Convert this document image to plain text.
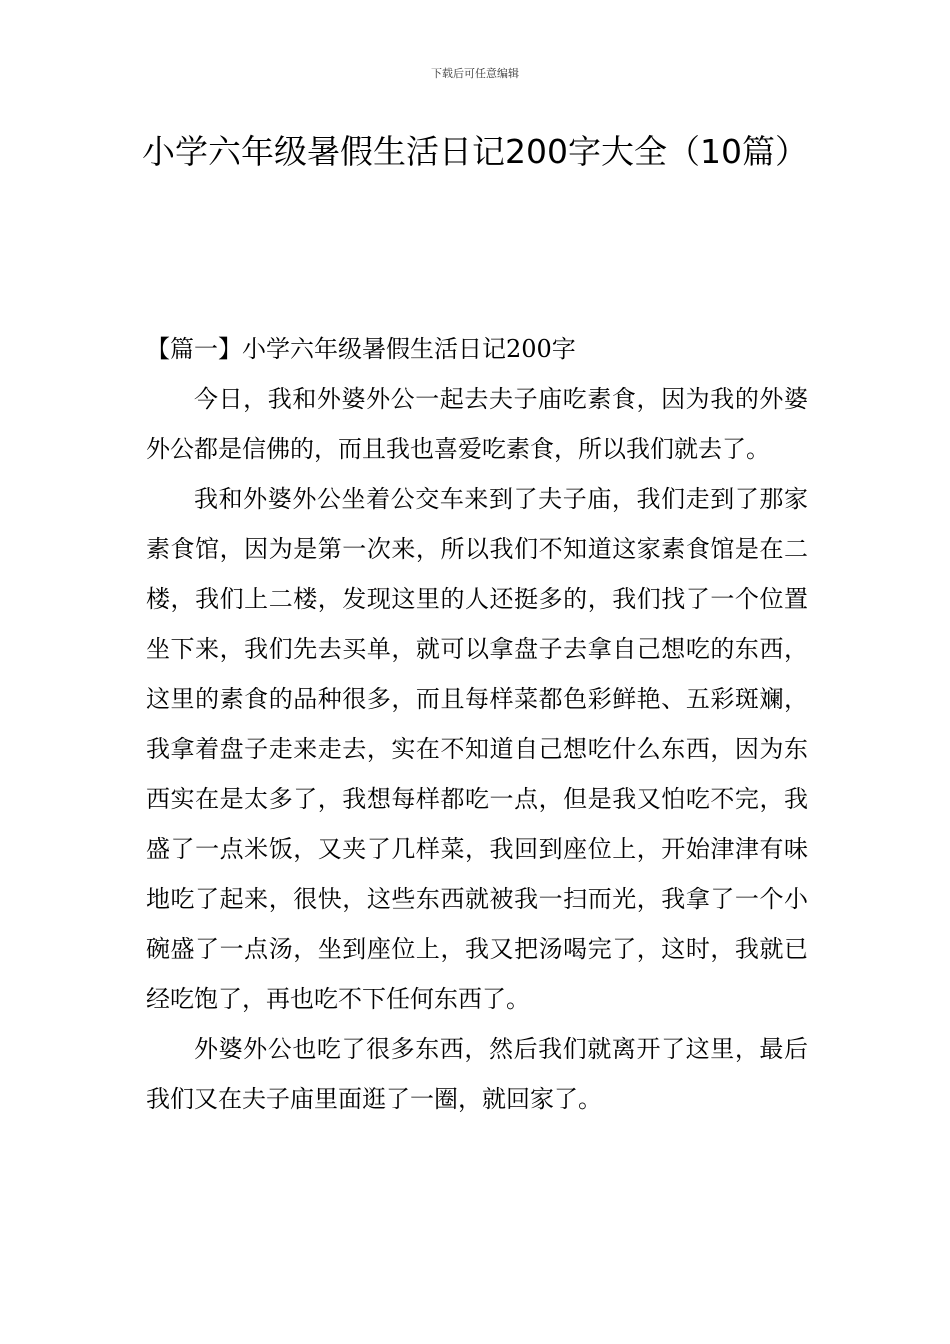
下载后可任意编辑
小学六年级暑假生活日记200字大全（10篇）
【篇一】小学六年级暑假生活日记200字

今日，我和外婆外公一起去夫子庙吃素食，因为我的外婆外公都是信佛的，而且我也喜爱吃素食，所以我们就去了。

我和外婆外公坐着公交车来到了夫子庙，我们走到了那家素食馆，因为是第一次来，所以我们不知道这家素食馆是在二楼，我们上二楼，发现这里的人还挺多的，我们找了一个位置坐下来，我们先去买单，就可以拿盘子去拿自己想吃的东西，这里的素食的品种很多，而且每样菜都色彩鲜艳、五彩斑斓，我拿着盘子走来走去，实在不知道自己想吃什么东西，因为东西实在是太多了，我想每样都吃一点，但是我又怕吃不完，我盛了一点米饭，又夹了几样菜，我回到座位上，开始津津有味地吃了起来，很快，这些东西就被我一扫而光，我拿了一个小碗盛了一点汤，坐到座位上，我又把汤喝完了，这时，我就已经吃饱了，再也吃不下任何东西了。

外婆外公也吃了很多东西，然后我们就离开了这里，最后我们又在夫子庙里面逛了一圈，就回家了。
